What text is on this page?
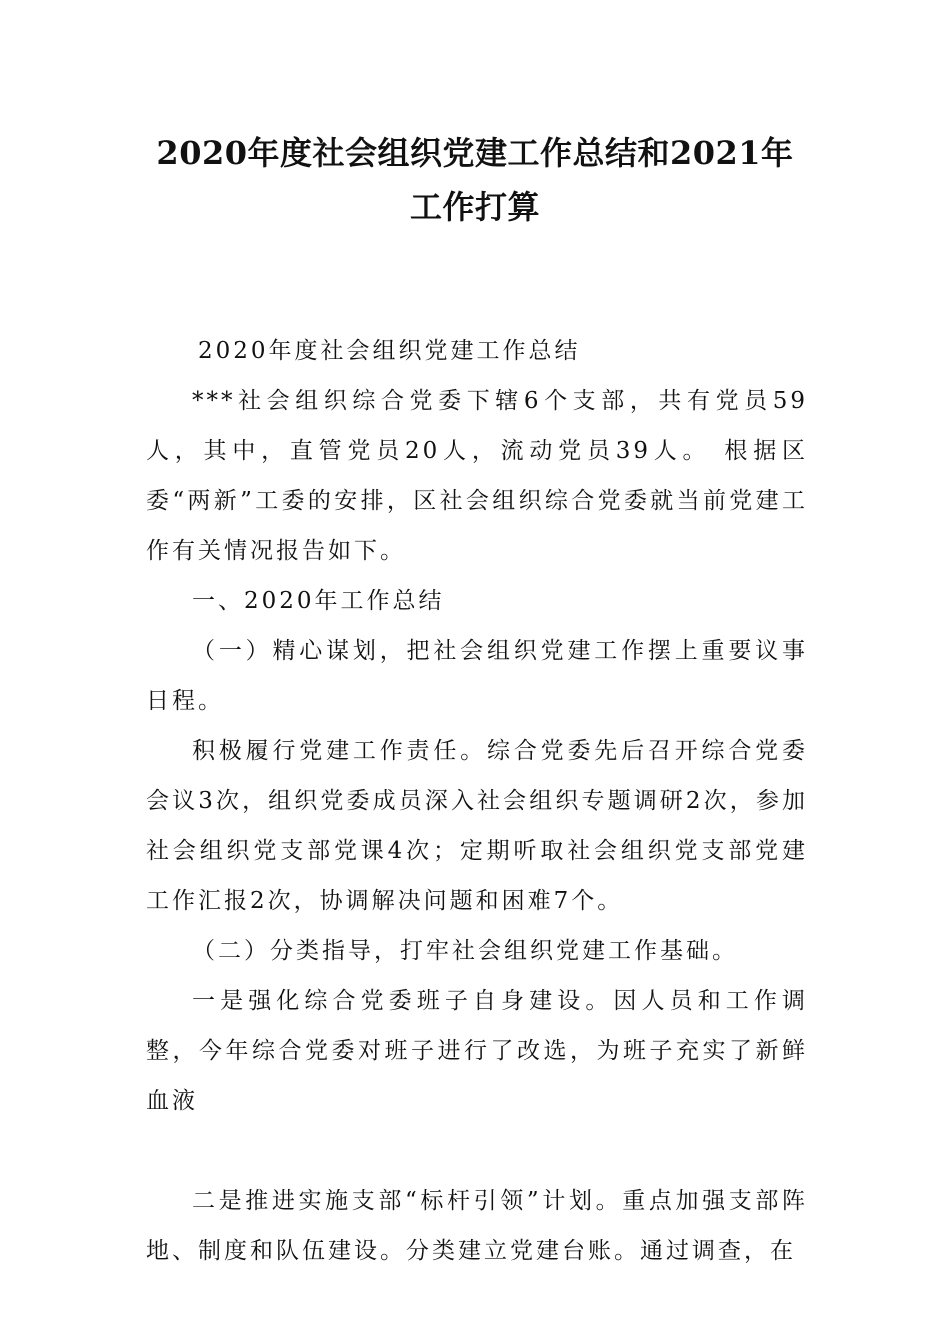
2020年度社会组织党建工作总结和2021年
工作打算

2020年度社会组织党建工作总结

***社会组织综合党委下辖6个支部，共有党员59人，其中，直管党员20人，流动党员39人。 根据区委“两新”工委的安排，区社会组织综合党委就当前党建工作有关情况报告如下。

一、2020年工作总结

（一）精心谋划，把社会组织党建工作摆上重要议事日程。

积极履行党建工作责任。综合党委先后召开综合党委会议3次，组织党委成员深入社会组织专题调研2次，参加社会组织党支部党课4次；定期听取社会组织党支部党建工作汇报2次，协调解决问题和困难7个。

（二）分类指导，打牢社会组织党建工作基础。

一是强化综合党委班子自身建设。因人员和工作调整，今年综合党委对班子进行了改选，为班子充实了新鲜血液

二是推进实施支部“标杆引领”计划。重点加强支部阵地、制度和队伍建设。分类建立党建台账。通过调查，在
